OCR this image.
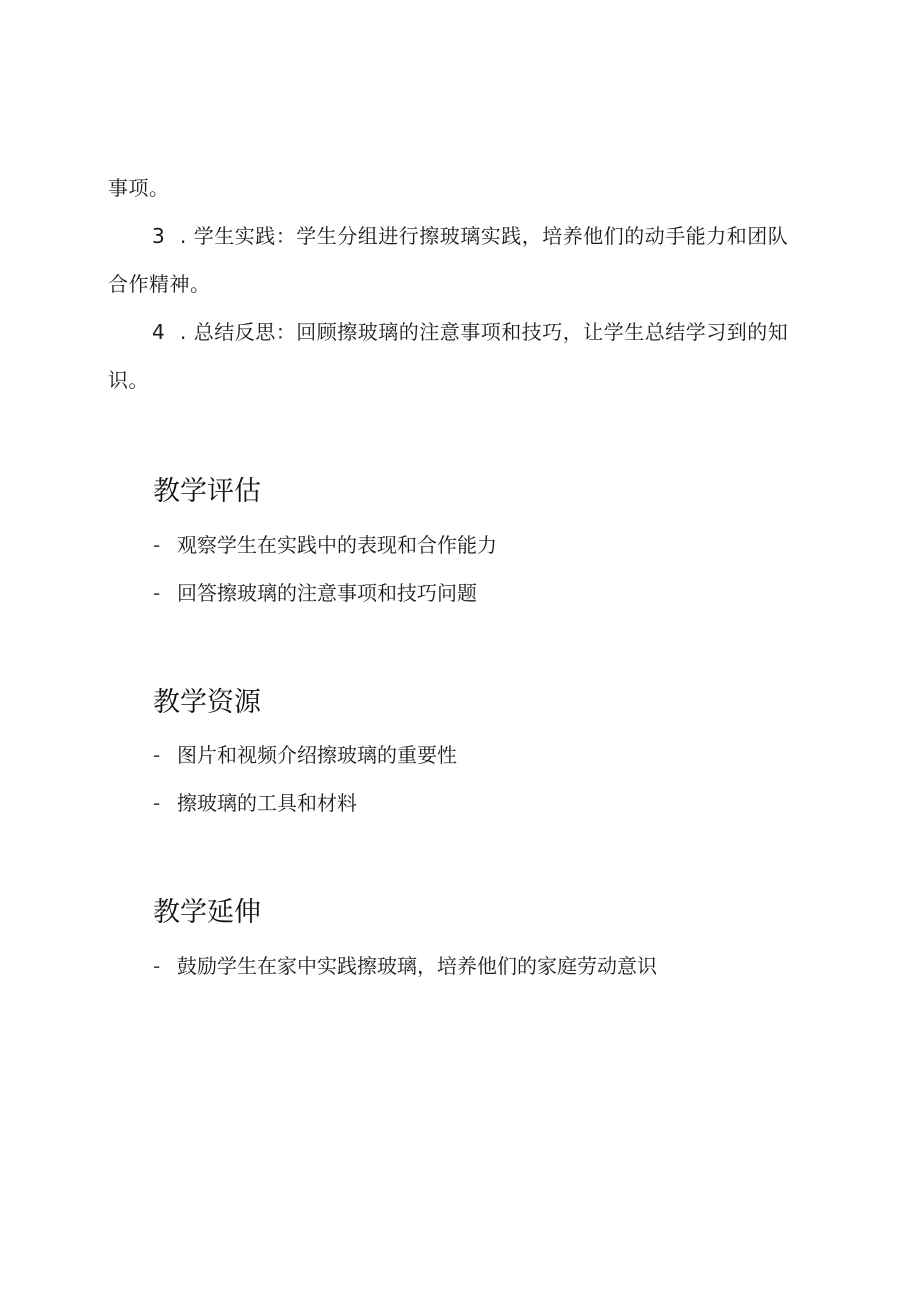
事项。

3 . 学生实践：学生分组进行擦玻璃实践，培养他们的动手能力和团队合作精神。

4 . 总结反思：回顾擦玻璃的注意事项和技巧，让学生总结学习到的知识。

教学评估

- 观察学生在实践中的表现和合作能力

- 回答擦玻璃的注意事项和技巧问题

教学资源

- 图片和视频介绍擦玻璃的重要性

- 擦玻璃的工具和材料

教学延伸

- 鼓励学生在家中实践擦玻璃，培养他们的家庭劳动意识
